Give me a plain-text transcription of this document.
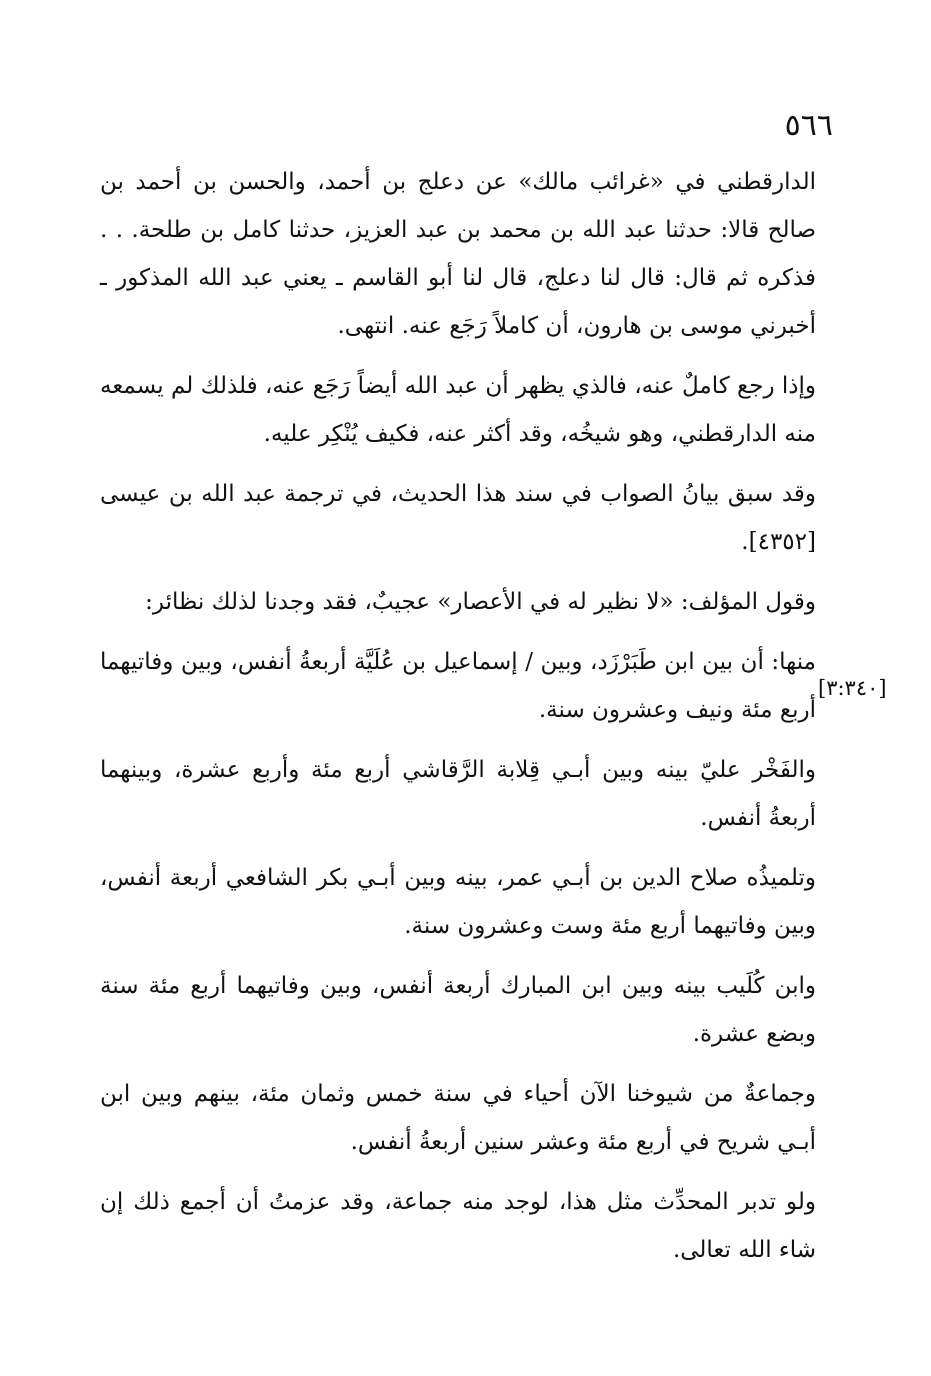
٥٦٦
[٣:٣٤٠]

الدارقطني في «غرائب مالك» عن دعلج بن أحمد، والحسن بن أحمد بن صالح قالا: حدثنا عبد الله بن محمد بن عبد العزيز، حدثنا كامل بن طلحة. . . فذكره ثم قال: قال لنا دعلج، قال لنا أبو القاسم ـ يعني عبد الله المذكور ـ أخبرني موسى بن هارون، أن كاملاً رَجَع عنه. انتهى.

وإذا رجع كاملٌ عنه، فالذي يظهر أن عبد الله أيضاً رَجَع عنه، فلذلك لم يسمعه منه الدارقطني، وهو شيخُه، وقد أكثر عنه، فكيف يُنْكِر عليه.

وقد سبق بيانُ الصواب في سند هذا الحديث، في ترجمة عبد الله بن عيسى [٤٣٥٢].

وقول المؤلف: «لا نظير له في الأعصار» عجيبٌ، فقد وجدنا لذلك نظائر:

منها: أن بين ابن طَبَرْزَد، وبين / إسماعيل بن عُلَيَّة أربعةُ أنفس، وبين وفاتيهما أربع مئة ونيف وعشرون سنة.

والفَخْر عليّ بينه وبين أبـي قِلابة الرَّقاشي أربع مئة وأربع عشرة، وبينهما أربعةُ أنفس.

وتلميذُه صلاح الدين بن أبـي عمر، بينه وبين أبـي بكر الشافعي أربعة أنفس، وبين وفاتيهما أربع مئة وست وعشرون سنة.

وابن كُلَيب بينه وبين ابن المبارك أربعة أنفس، وبين وفاتيهما أربع مئة سنة وبضع عشرة.

وجماعةٌ من شيوخنا الآن أحياء في سنة خمس وثمان مئة، بينهم وبين ابن أبـي شريح في أربع مئة وعشر سنين أربعةُ أنفس.

ولو تدبر المحدِّث مثل هذا، لوجد منه جماعة، وقد عزمتُ أن أجمع ذلك إن شاء الله تعالى.
